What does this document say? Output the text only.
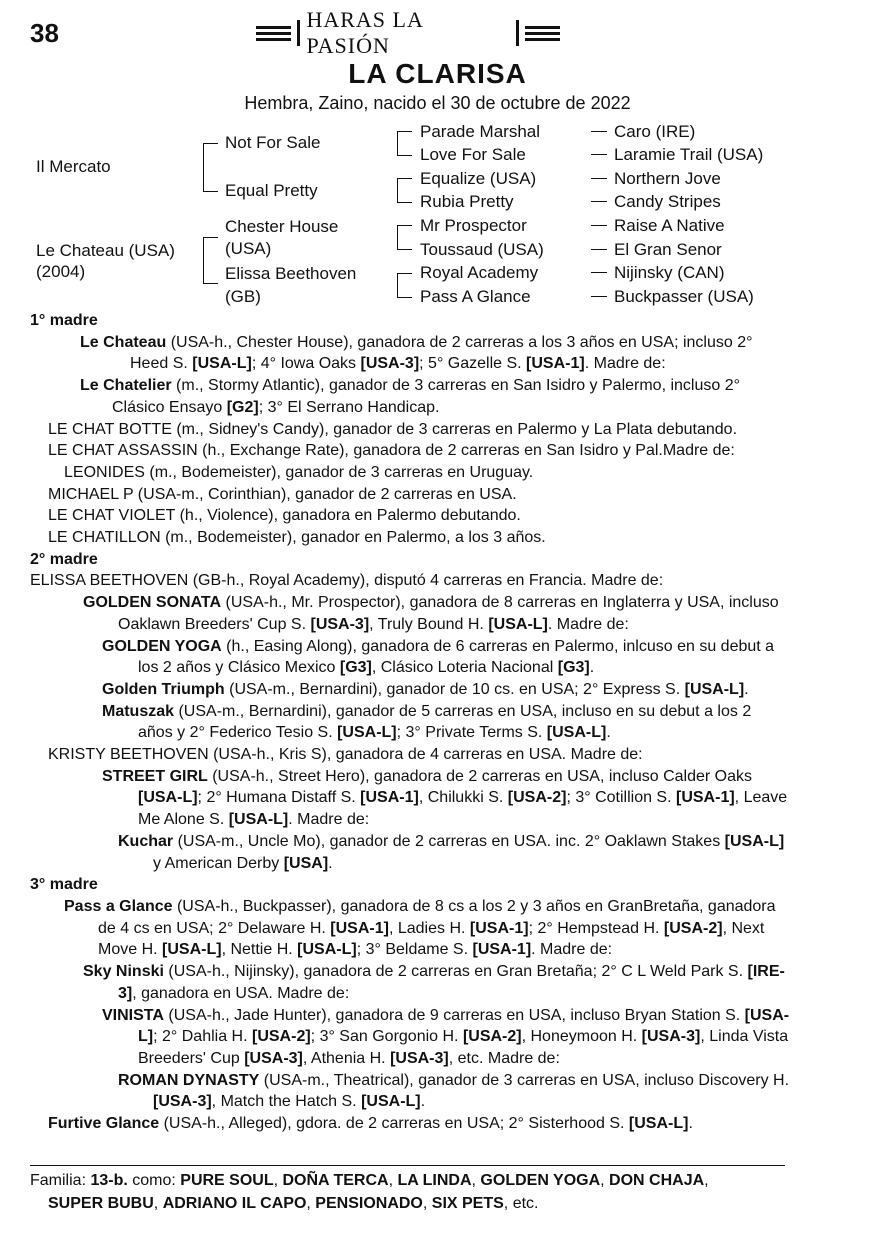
38	HARAS LA PASIÓN
LA CLARISA
Hembra, Zaino, nacido el 30 de octubre de 2022
Il Mercato
Le Chateau (USA)
(2004)
Not For Sale
Equal Pretty
Chester House
(USA)
Elissa Beethoven
(GB)
Parade Marshal
Love For Sale
Equalize (USA)
Rubia Pretty
Mr Prospector
Toussaud (USA)
Royal Academy
Pass A Glance
Caro (IRE)
Laramie Trail (USA)
Northern Jove
Candy Stripes
Raise A Native
El Gran Senor
Nijinsky (CAN)
Buckpasser (USA)

1° madre

Le Chateau (USA-h., Chester House), ganadora de 2 carreras a los 3 años en USA; incluso 2° Heed S. [USA-L]; 4° Iowa Oaks [USA-3]; 5° Gazelle S. [USA-1]. Madre de:

Le Chatelier (m., Stormy Atlantic), ganador de 3 carreras en San Isidro y Palermo, incluso 2° Clásico Ensayo [G2]; 3° El Serrano Handicap.

LE CHAT BOTTE (m., Sidney's Candy), ganador de 3 carreras en Palermo y La Plata debutando.

LE CHAT ASSASSIN (h., Exchange Rate), ganadora de 2 carreras en San Isidro y Pal.Madre de:

LEONIDES (m., Bodemeister), ganador de 3 carreras en Uruguay.

MICHAEL P (USA-m., Corinthian), ganador de 2 carreras en USA.

LE CHAT VIOLET (h., Violence), ganadora en Palermo debutando.

LE CHATILLON (m., Bodemeister), ganador en Palermo, a los 3 años.

2° madre

ELISSA BEETHOVEN (GB-h., Royal Academy), disputó 4 carreras en Francia. Madre de:

GOLDEN SONATA (USA-h., Mr. Prospector), ganadora de 8 carreras en Inglaterra y USA, incluso Oaklawn Breeders' Cup S. [USA-3], Truly Bound H. [USA-L]. Madre de:

GOLDEN YOGA (h., Easing Along), ganadora de 6 carreras en Palermo, inlcuso en su debut a los 2 años y Clásico Mexico [G3], Clásico Loteria Nacional [G3].

Golden Triumph (USA-m., Bernardini), ganador de 10 cs. en USA; 2° Express S. [USA-L].

Matuszak (USA-m., Bernardini), ganador de 5 carreras en USA, incluso en su debut a los 2 años y 2° Federico Tesio S. [USA-L]; 3° Private Terms S. [USA-L].

KRISTY BEETHOVEN (USA-h., Kris S), ganadora de 4 carreras en USA. Madre de:

STREET GIRL (USA-h., Street Hero), ganadora de 2 carreras en USA, incluso Calder Oaks [USA-L]; 2° Humana Distaff S. [USA-1], Chilukki S. [USA-2]; 3° Cotillion S. [USA-1], Leave Me Alone S. [USA-L]. Madre de:

Kuchar (USA-m., Uncle Mo), ganador de 2 carreras en USA. inc. 2° Oaklawn Stakes [USA-L] y American Derby [USA].

3° madre

Pass a Glance (USA-h., Buckpasser), ganadora de 8 cs a los 2 y 3 años en GranBretaña, ganadora de 4 cs en USA; 2° Delaware H. [USA-1], Ladies H. [USA-1]; 2° Hempstead H. [USA-2], Next Move H. [USA-L], Nettie H. [USA-L]; 3° Beldame S. [USA-1]. Madre de:

Sky Ninski (USA-h., Nijinsky), ganadora de 2 carreras en Gran Bretaña; 2° C L Weld Park S. [IRE-3], ganadora en USA. Madre de:

VINISTA (USA-h., Jade Hunter), ganadora de 9 carreras en USA, incluso Bryan Station S. [USA-L]; 2° Dahlia H. [USA-2]; 3° San Gorgonio H. [USA-2], Honeymoon H. [USA-3], Linda Vista Breeders' Cup [USA-3], Athenia H. [USA-3], etc. Madre de:

ROMAN DYNASTY (USA-m., Theatrical), ganador de 3 carreras en USA, incluso Discovery H. [USA-3], Match the Hatch S. [USA-L].

Furtive Glance (USA-h., Alleged), gdora. de 2 carreras en USA; 2° Sisterhood S. [USA-L].

Familia: 13-b. como: PURE SOUL, DOÑA TERCA, LA LINDA, GOLDEN YOGA, DON CHAJA,
SUPER BUBU, ADRIANO IL CAPO, PENSIONADO, SIX PETS, etc.
